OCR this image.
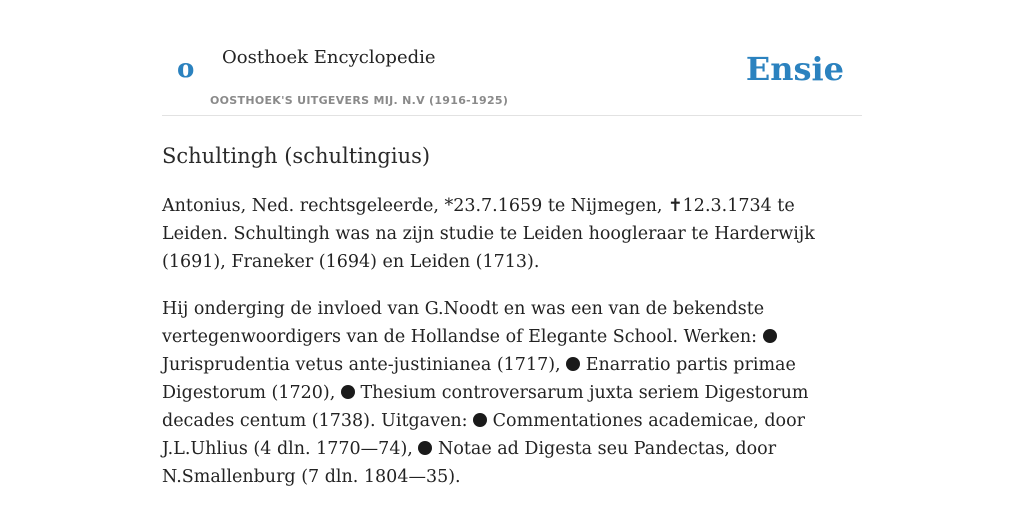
o Oosthoek Encyclopedie
OOSTHOEK'S UITGEVERS MIJ. N.V (1916-1925)
Ensie
Schultingh (schultingius)

Antonius, Ned. rechtsgeleerde, *23.7.1659 te Nijmegen, ✝12.3.1734 te Leiden. Schultingh was na zijn studie te Leiden hoogleraar te Harderwijk (1691), Franeker (1694) en Leiden (1713).

Hij onderging de invloed van G.Noodt en was een van de bekendste vertegenwoordigers van de Hollandse of Elegante School. Werken:  Jurisprudentia vetus ante-justinianea (1717),  Enarratio partis primae Digestorum (1720),  Thesium controversarum juxta seriem Digestorum decades centum (1738). Uitgaven:  Commentationes academicae, door J.L.Uhlius (4 dln. 1770—74),  Notae ad Digesta seu Pandectas, door N.Smallenburg (7 dln. 1804—35).
